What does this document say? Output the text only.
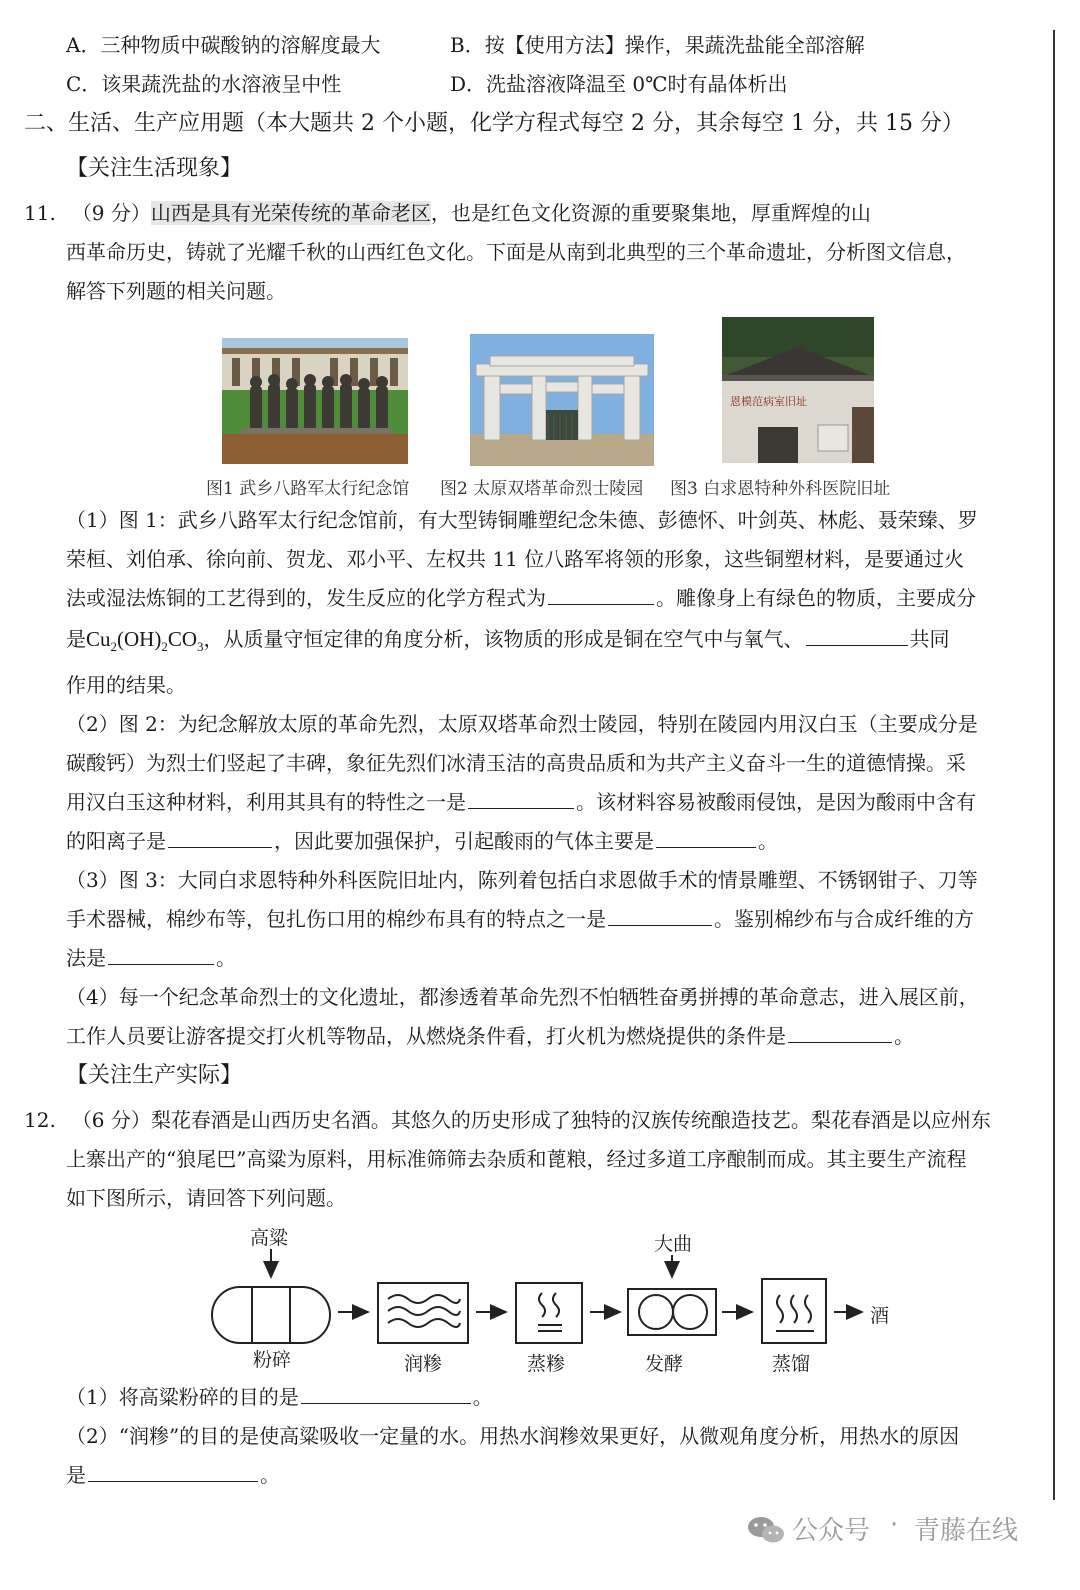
A．三种物质中碳酸钠的溶解度最大	B．按【使用方法】操作，果蔬洗盐能全部溶解
C．该果蔬洗盐的水溶液呈中性	D．洗盐溶液降温至 0℃时有晶体析出
二、生活、生产应用题（本大题共 2 个小题，化学方程式每空 2 分，其余每空 1 分，共 15 分）
【关注生活现象】
11. （9 分）山西是具有光荣传统的革命老区，也是红色文化资源的重要聚集地，厚重辉煌的山
西革命历史，铸就了光耀千秋的山西红色文化。下面是从南到北典型的三个革命遗址，分析图文信息，
解答下列题的相关问题。
恩模范病室旧址
图1 武乡八路军太行纪念馆 图2 太原双塔革命烈士陵园 图3 白求恩特种外科医院旧址
（1）图 1：武乡八路军太行纪念馆前，有大型铸铜雕塑纪念朱德、彭德怀、叶剑英、林彪、聂荣臻、罗
荣桓、刘伯承、徐向前、贺龙、邓小平、左权共 11 位八路军将领的形象，这些铜塑材料，是要通过火
法或湿法炼铜的工艺得到的，发生反应的化学方程式为	。雕像身上有绿色的物质，主要成分
是$Cu_2(OH)_2CO_3$，从质量守恒定律的角度分析，该物质的形成是铜在空气中与氧气、	共同
作用的结果。
（2）图 2：为纪念解放太原的革命先烈，太原双塔革命烈士陵园，特别在陵园内用汉白玉（主要成分是
碳酸钙）为烈士们竖起了丰碑，象征先烈们冰清玉洁的高贵品质和为共产主义奋斗一生的道德情操。采
用汉白玉这种材料，利用其具有的特性之一是	。该材料容易被酸雨侵蚀，是因为酸雨中含有
的阳离子是	，因此要加强保护，引起酸雨的气体主要是	。
（3）图 3：大同白求恩特种外科医院旧址内，陈列着包括白求恩做手术的情景雕塑、不锈钢钳子、刀等
手术器械，棉纱布等，包扎伤口用的棉纱布具有的特点之一是	。鉴别棉纱布与合成纤维的方
法是	。
（4）每一个纪念革命烈士的文化遗址，都渗透着革命先烈不怕牺牲奋勇拼搏的革命意志，进入展区前，
工作人员要让游客提交打火机等物品，从燃烧条件看，打火机为燃烧提供的条件是	。
【关注生产实际】
12. （6 分）梨花春酒是山西历史名酒。其悠久的历史形成了独特的汉族传统酿造技艺。梨花春酒是以应州东
上寨出产的“狼尾巴”高粱为原料，用标准筛筛去杂质和蓖粮，经过多道工序酿制而成。其主要生产流程
如下图所示，请回答下列问题。
高粱	大曲
粉碎	润糁	蒸糁	发酵	蒸馏
酒
（1）将高粱粉碎的目的是	。
（2）“润糁”的目的是使高粱吸收一定量的水。用热水润糁效果更好，从微观角度分析，用热水的原因
是	。
公众号 · 青藤在线
